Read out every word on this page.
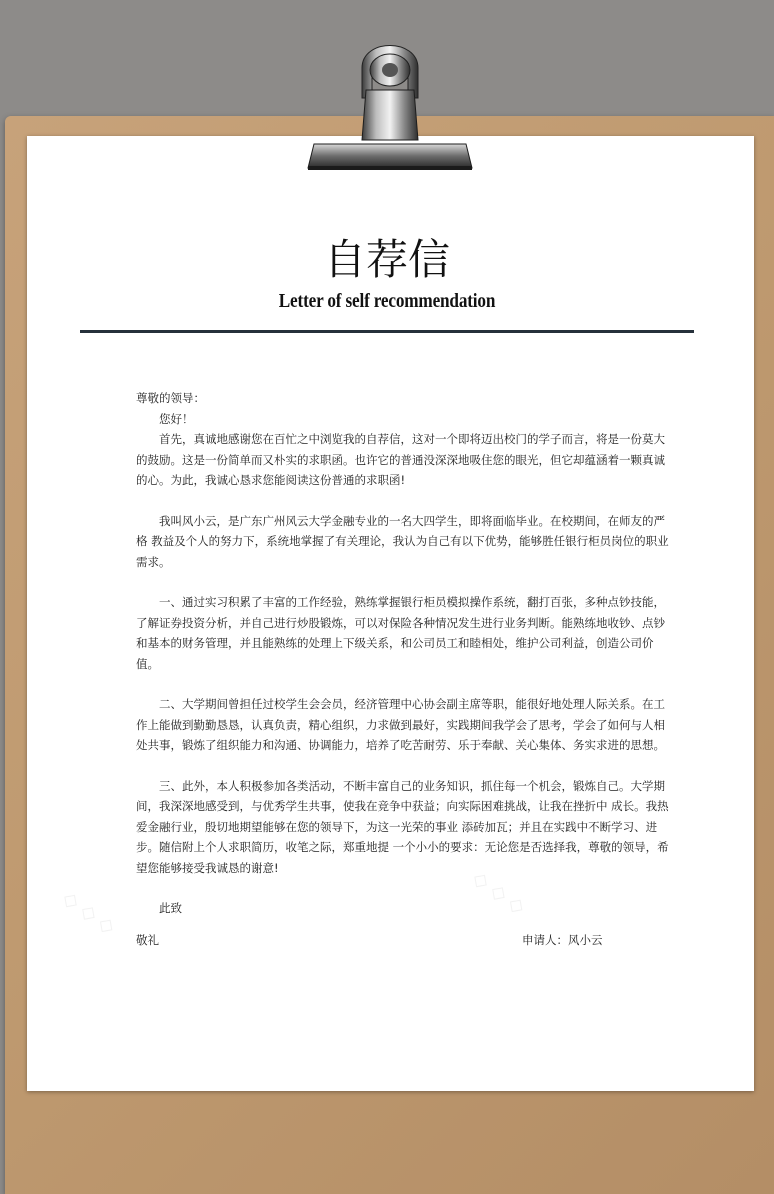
◇ ◇ ◇
◇ ◇ ◇
自荐信
Letter of self recommendation

尊敬的领导：

您好！

首先，真诚地感谢您在百忙之中浏览我的自荐信，这对一个即将迈出校门的学子而言，将是一份莫大的鼓励。这是一份简单而又朴实的求职函。也许它的普通没深深地吸住您的眼光，但它却蕴涵着一颗真诚的心。为此，我诚心恳求您能阅读这份普通的求职函!

我叫风小云，是广东广州风云大学金融专业的一名大四学生，即将面临毕业。在校期间，在师友的严格 教益及个人的努力下，系统地掌握了有关理论，我认为自己有以下优势，能够胜任银行柜员岗位的职业需求。

一、通过实习积累了丰富的工作经验，熟练掌握银行柜员模拟操作系统，翻打百张，多种点钞技能，了解证券投资分析，并自己进行炒股锻炼，可以对保险各种情况发生进行业务判断。能熟练地收钞、点钞和基本的财务管理，并且能熟练的处理上下级关系，和公司员工和睦相处，维护公司利益，创造公司价值。

二、大学期间曾担任过校学生会会员，经济管理中心协会副主席等职，能很好地处理人际关系。在工作上能做到勤勤恳恳，认真负责，精心组织，力求做到最好，实践期间我学会了思考，学会了如何与人相处共事，锻炼了组织能力和沟通、协调能力，培养了吃苦耐劳、乐于奉献、关心集体、务实求进的思想。

三、此外，本人积极参加各类活动，不断丰富自己的业务知识，抓住每一个机会，锻炼自己。大学期间，我深深地感受到，与优秀学生共事，使我在竞争中获益；向实际困难挑战，让我在挫折中 成长。我热爱金融行业，殷切地期望能够在您的领导下，为这一光荣的事业 添砖加瓦；并且在实践中不断学习、进步。随信附上个人求职简历，收笔之际，郑重地提 一个小小的要求：无论您是否选择我，尊敬的领导，希望您能够接受我诚恳的谢意!

此致
敬礼	申请人：风小云
